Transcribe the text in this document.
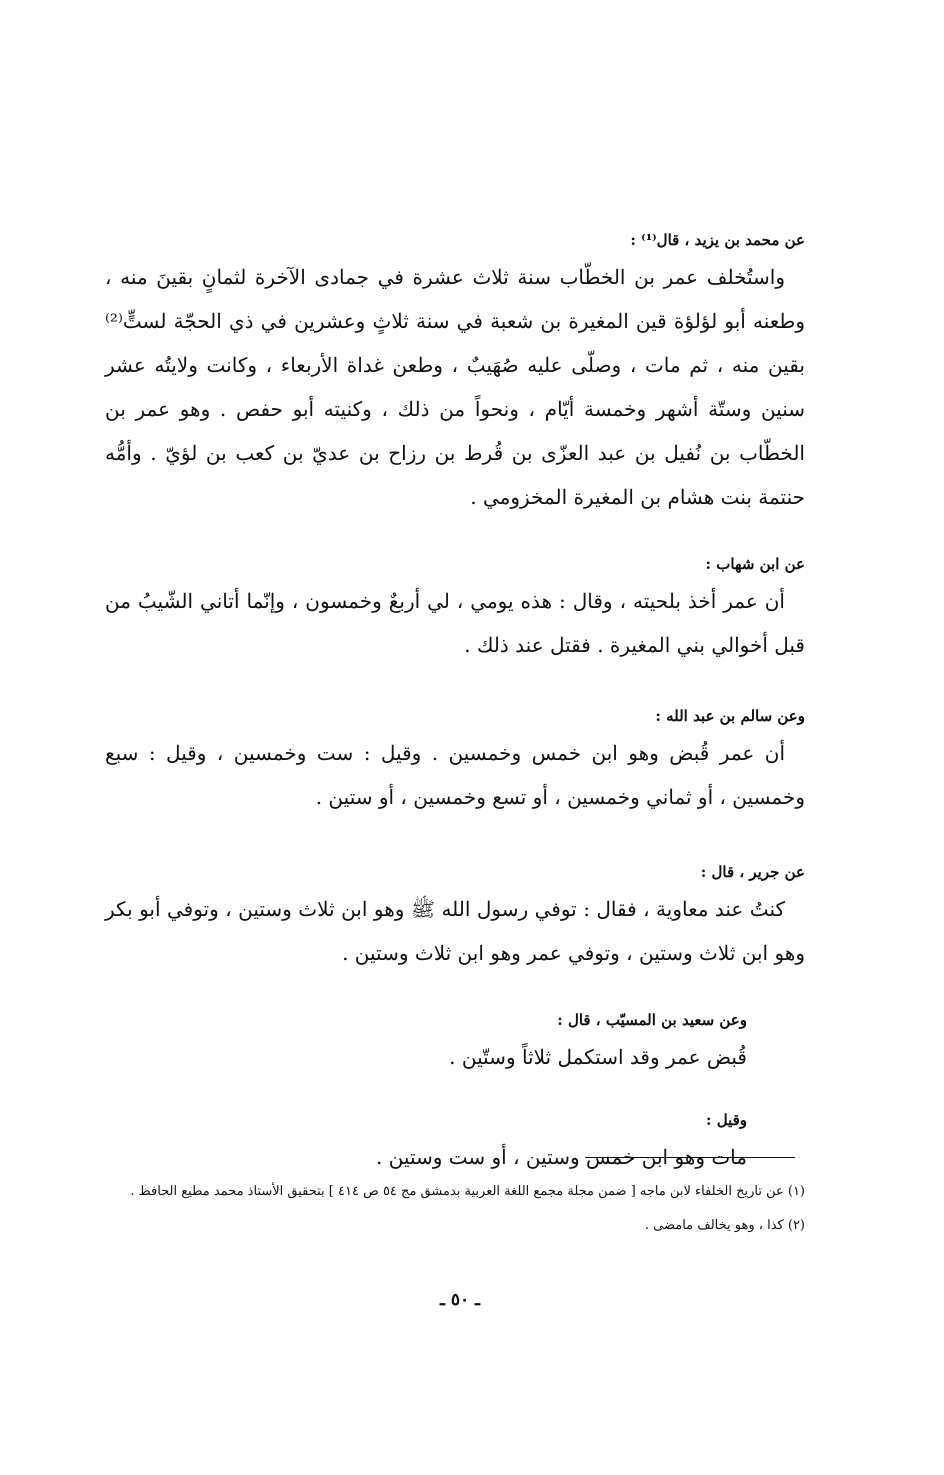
عن محمد بن يزيد ، قال⁽¹⁾ :

واستُخلف عمر بن الخطّاب سنة ثلاث عشرة في جمادى الآخرة لثمانٍ بقينَ منه ، وطعنه أبو لؤلؤة قين المغيرة بن شعبة في سنة ثلاثٍ وعشرين في ذي الحجّة لستٍّ⁽²⁾ بقين منه ، ثم مات ، وصلّى عليه صُهَيبٌ ، وطعن غداة الأربعاء ، وكانت ولايتُه عشر سنين وستّة أشهر وخمسة أيّام ، ونحواً من ذلك ، وكنيته أبو حفص . وهو عمر بن الخطّاب بن نُفيل بن عبد العزّى بن قُرط بن رزاح بن عديّ بن كعب بن لؤيّ . وأمُّه حنتمة بنت هشام بن المغيرة المخزومي .

عن ابن شهاب :

أن عمر أخذ بلحيته ، وقال : هذه يومي ، لي أربعٌ وخمسون ، وإنّما أتاني الشّيبُ من قبل أخوالي بني المغيرة . فقتل عند ذلك .

وعن سالم بن عبد الله :

أن عمر قُبض وهو ابن خمس وخمسين . وقيل : ست وخمسين ، وقيل : سبع وخمسين ، أو ثماني وخمسين ، أو تسع وخمسين ، أو ستين .

عن جرير ، قال :

كنتُ عند معاوية ، فقال : توفي رسول الله ﷺ وهو ابن ثلاث وستين ، وتوفي أبو بكر وهو ابن ثلاث وستين ، وتوفي عمر وهو ابن ثلاث وستين .

وعن سعيد بن المسيّب ، قال :

قُبض عمر وقد استكمل ثلاثاً وستّين .

وقيل :

مات وهو ابن خمس وستين ، أو ست وستين .

(١) عن تاريخ الخلفاء لابن ماجه [ ضمن مجلة مجمع اللغة العربية بدمشق مج ٥٤ ص ٤١٤ ] بتحقيق الأستاذ محمد مطيع الحافظ .

(٢) كذا ، وهو يخالف مامضى .

ـ ٥٠ ـ
